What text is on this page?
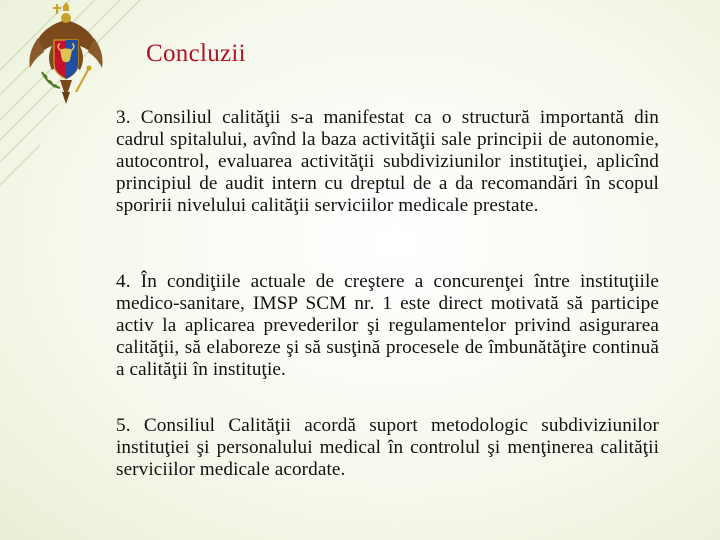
Concluzii

3. Consiliul calităţii s-a manifestat ca o structură importantă din cadrul spitalului, avînd la baza activităţii sale principii de autonomie, autocontrol, evaluarea activităţii subdiviziunilor instituţiei, aplicînd principiul de audit intern cu dreptul de a da recomandări în scopul sporirii nivelului calităţii serviciilor medicale prestate.

4. În condiţiile actuale de creştere a concurenţei între instituţiile medico-sanitare, IMSP SCM nr. 1 este direct motivată să participe activ la aplicarea prevederilor şi regulamentelor privind asigurarea calităţii, să elaboreze şi să susţină procesele de îmbunătăţire continuă a calităţii în instituţie.

5. Consiliul Calităţii acordă suport metodologic subdiviziunilor instituţiei şi personalului medical în controlul şi menţinerea calităţii serviciilor medicale acordate.
